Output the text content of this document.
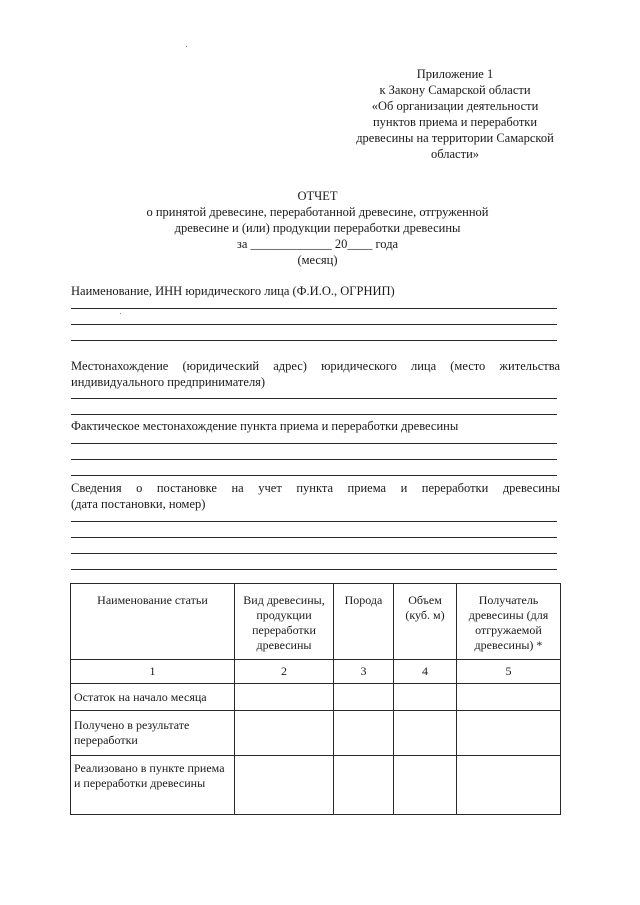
Приложение 1
к Закону Самарской области
«Об организации деятельности
пунктов приема и переработки
древесины на территории Самарской
области»
ОТЧЕТ
о принятой древесине, переработанной древесине, отгруженной
древесине и (или) продукции переработки древесины
за _____________ 20____ года
(месяц)
Наименование, ИНН юридического лица (Ф.И.О., ОГРНИП)
Местонахождение (юридический адрес) юридического лица (место жительства
индивидуального предпринимателя)
Фактическое местонахождение пункта приема и переработки древесины
Сведения о постановке на учет пункта приема и переработки древесины
(дата постановки, номер)
Наименование статьи	Вид древесины, продукции переработки древесины	Порода	Объем (куб. м)	Получатель древесины (для отгружаемой древесины) *
1	2	3	4	5
Остаток на начало месяца				
Получено в результате переработки				
Реализовано в пункте приема и переработки древесины				
